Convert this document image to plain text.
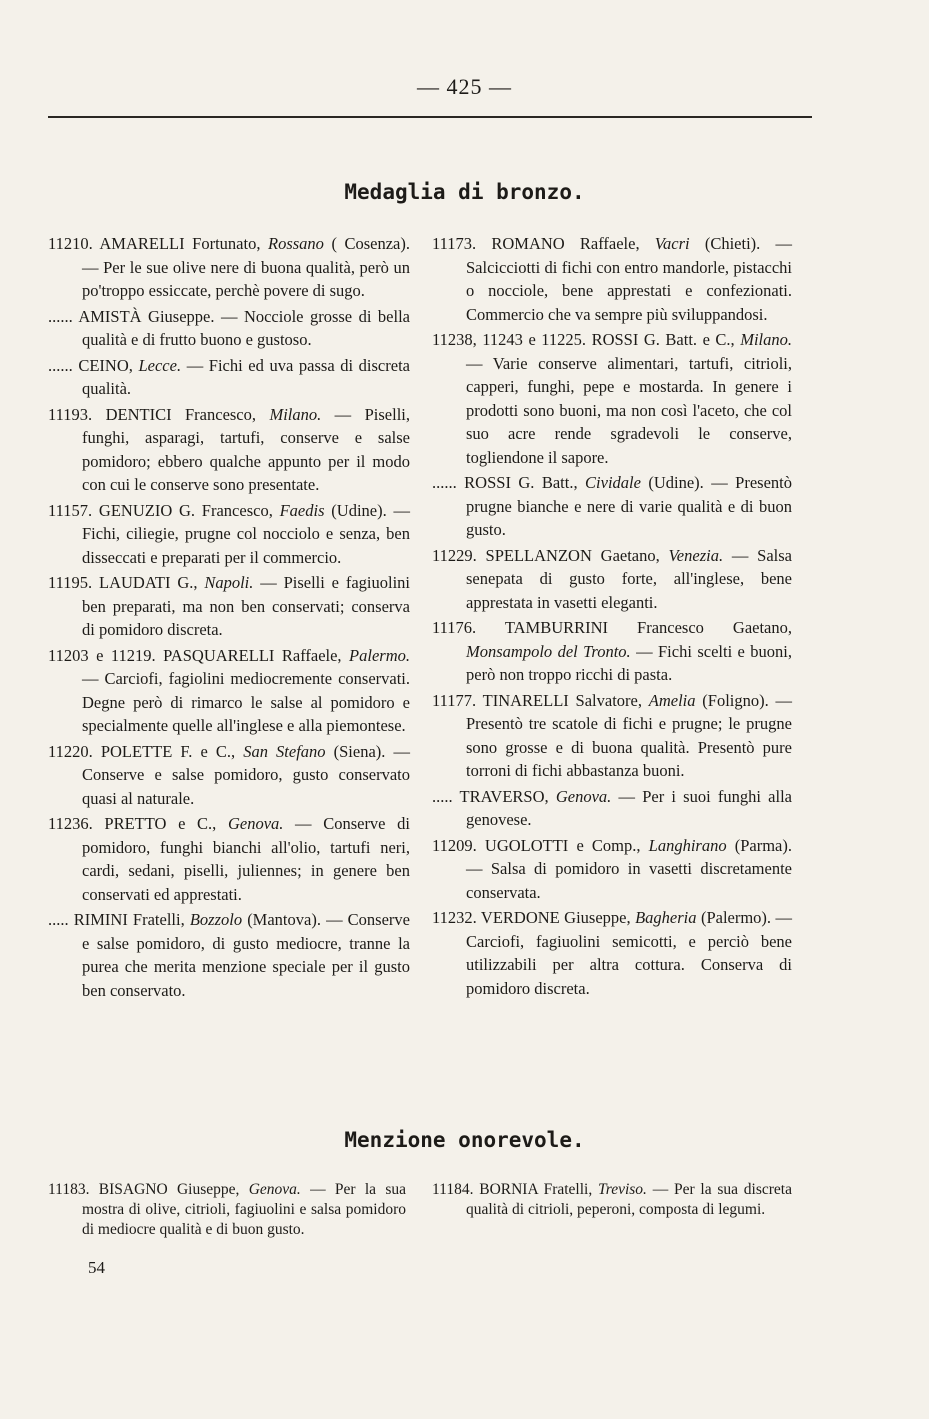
— 425 —
Medaglia di bronzo.

11210. AMARELLI Fortunato, Rossano ( Cosenza). — Per le sue olive nere di buona qualità, però un po'troppo essiccate, perchè povere di sugo.

...... AMISTÀ Giuseppe. — Nocciole grosse di bella qualità e di frutto buono e gustoso.

...... CEINO, Lecce. — Fichi ed uva passa di discreta qualità.

11193. DENTICI Francesco, Milano. — Piselli, funghi, asparagi, tartufi, conserve e salse pomidoro; ebbero qualche appunto per il modo con cui le conserve sono presentate.

11157. GENUZIO G. Francesco, Faedis (Udine). — Fichi, ciliegie, prugne col nocciolo e senza, ben disseccati e preparati per il commercio.

11195. LAUDATI G., Napoli. — Piselli e fagiuolini ben preparati, ma non ben conservati; conserva di pomidoro discreta.

11203 e 11219. PASQUARELLI Raffaele, Palermo. — Carciofi, fagiolini mediocremente conservati. Degne però di rimarco le salse al pomidoro e specialmente quelle all'inglese e alla piemontese.

11220. POLETTE F. e C., San Stefano (Siena). — Conserve e salse pomidoro, gusto conservato quasi al naturale.

11236. PRETTO e C., Genova. — Conserve di pomidoro, funghi bianchi all'olio, tartufi neri, cardi, sedani, piselli, juliennes; in genere ben conservati ed apprestati.

..... RIMINI Fratelli, Bozzolo (Mantova). — Conserve e salse pomidoro, di gusto mediocre, tranne la purea che merita menzione speciale per il gusto ben conservato.

11173. ROMANO Raffaele, Vacri (Chieti). — Salcicciotti di fichi con entro mandorle, pistacchi o nocciole, bene apprestati e confezionati. Commercio che va sempre più sviluppandosi.

11238, 11243 e 11225. ROSSI G. Batt. e C., Milano. — Varie conserve alimentari, tartufi, citrioli, capperi, funghi, pepe e mostarda. In genere i prodotti sono buoni, ma non così l'aceto, che col suo acre rende sgradevoli le conserve, togliendone il sapore.

...... ROSSI G. Batt., Cividale (Udine). — Presentò prugne bianche e nere di varie qualità e di buon gusto.

11229. SPELLANZON Gaetano, Venezia. — Salsa senepata di gusto forte, all'inglese, bene apprestata in vasetti eleganti.

11176. TAMBURRINI Francesco Gaetano, Monsampolo del Tronto. — Fichi scelti e buoni, però non troppo ricchi di pasta.

11177. TINARELLI Salvatore, Amelia (Foligno). — Presentò tre scatole di fichi e prugne; le prugne sono grosse e di buona qualità. Presentò pure torroni di fichi abbastanza buoni.

..... TRAVERSO, Genova. — Per i suoi funghi alla genovese.

11209. UGOLOTTI e Comp., Langhirano (Parma). — Salsa di pomidoro in vasetti discretamente conservata.

11232. VERDONE Giuseppe, Bagheria (Palermo). — Carciofi, fagiuolini semicotti, e perciò bene utilizzabili per altra cottura. Conserva di pomidoro discreta.

Menzione onorevole.

11183. BISAGNO Giuseppe, Genova. — Per la sua mostra di olive, citrioli, fagiuolini e salsa pomidoro di mediocre qualità e di buon gusto.

11184. BORNIA Fratelli, Treviso. — Per la sua discreta qualità di citrioli, peperoni, composta di legumi.

54
